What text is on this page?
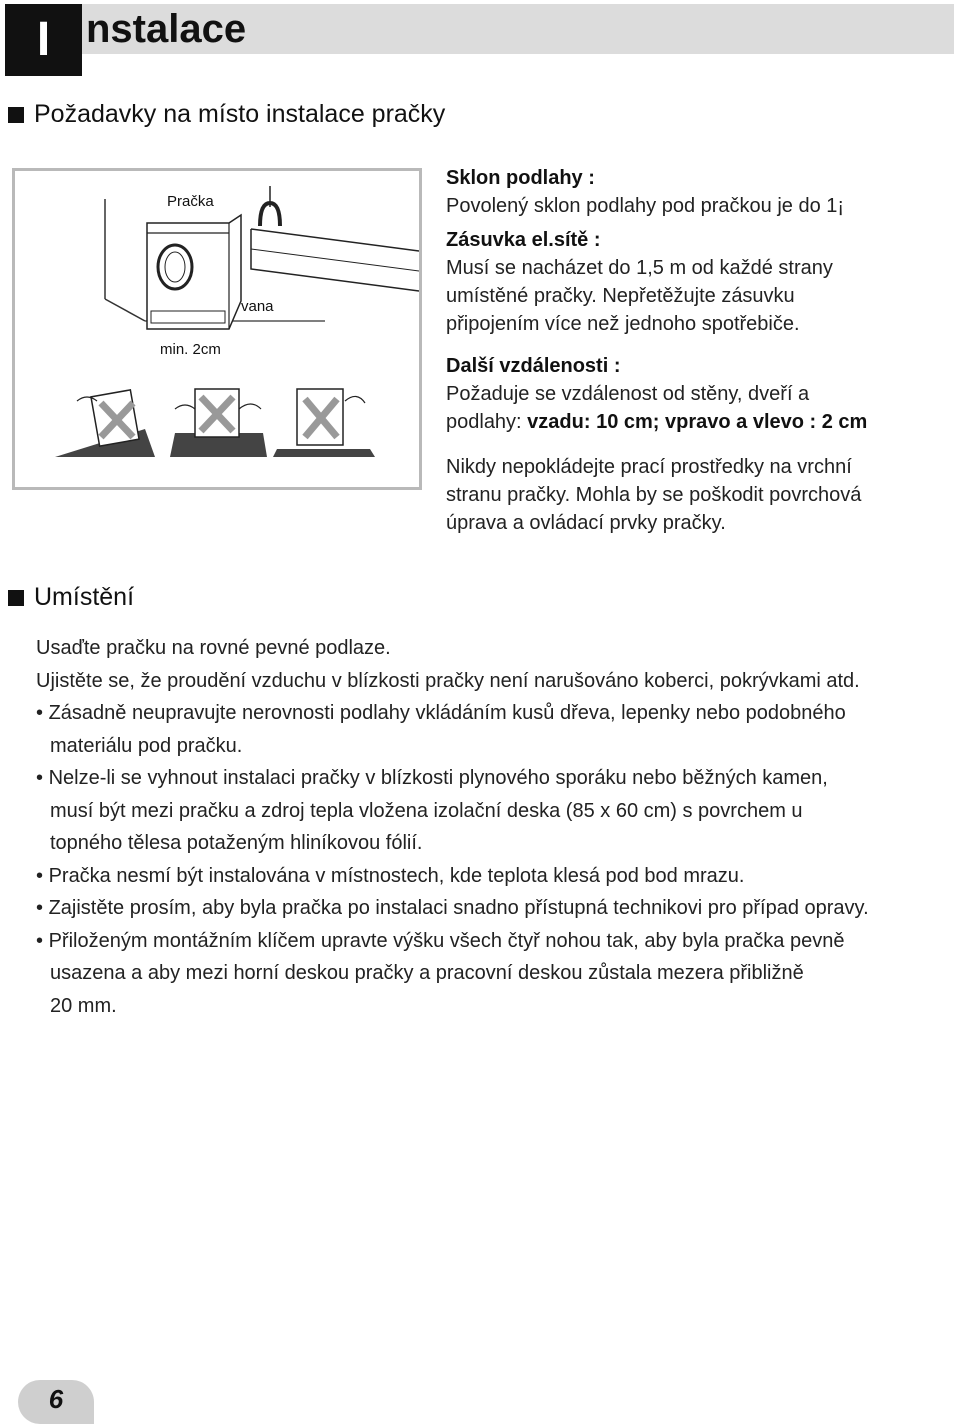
I nstalace
Požadavky na místo instalace pračky
Pračka
vana
min. 2cm

Sklon podlahy :

Povolený sklon podlahy pod pračkou je do 1¡

Zásuvka el.sítě :

Musí se nacházet do 1,5 m od každé strany

umístěné pračky. Nepřetěžujte zásuvku

připojením více než jednoho spotřebiče.

Další vzdálenosti :

Požaduje se vzdálenost od stěny, dveří a

podlahy: vzadu: 10 cm; vpravo a vlevo : 2 cm

Nikdy nepokládejte prací prostředky na vrchní

stranu pračky. Mohla by se poškodit povrchová

úprava a ovládací prvky pračky.

Umístění

Usaďte pračku na rovné pevné podlaze.

Ujistěte se, že proudění vzduchu v blízkosti pračky není narušováno koberci, pokrývkami atd.

• Zásadně neupravujte nerovnosti podlahy vkládáním kusů dřeva, lepenky nebo podobného
materiálu pod pračku.

• Nelze-li se vyhnout instalaci pračky v blízkosti plynového sporáku nebo běžných kamen,
musí být mezi pračku a zdroj tepla vložena izolační deska (85 x 60 cm) s povrchem u
topného tělesa potaženým hliníkovou fólií.

• Pračka nesmí být instalována v místnostech, kde teplota klesá pod bod mrazu.

• Zajistěte prosím, aby byla pračka po instalaci snadno přístupná technikovi pro případ opravy.

• Přiloženým montážním klíčem upravte výšku všech čtyř nohou tak, aby byla pračka pevně
usazena a aby mezi horní deskou pračky a pracovní deskou zůstala mezera přibližně
20 mm.

6
